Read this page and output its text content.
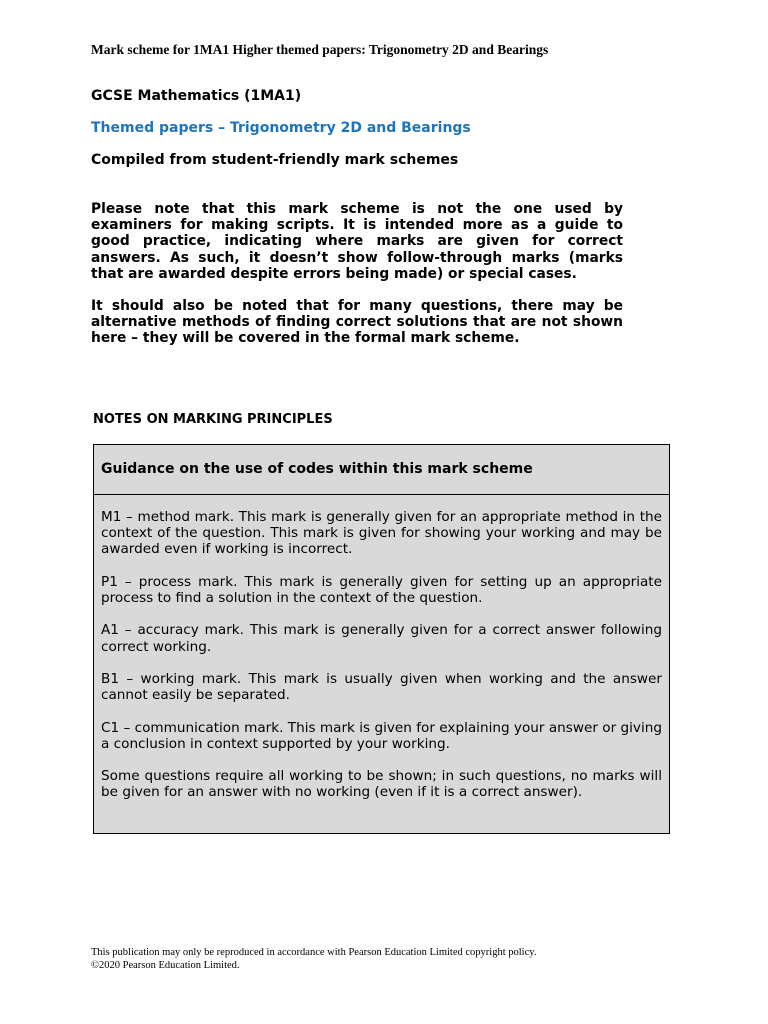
Mark scheme for 1MA1 Higher themed papers: Trigonometry 2D and Bearings
GCSE Mathematics (1MA1)
Themed papers – Trigonometry 2D and Bearings
Compiled from student-friendly mark schemes
Please note that this mark scheme is not the one used by examiners for making scripts. It is intended more as a guide to good practice, indicating where marks are given for correct answers. As such, it doesn’t show follow-through marks (marks that are awarded despite errors being made) or special cases.
It should also be noted that for many questions, there may be alternative methods of finding correct solutions that are not shown here – they will be covered in the formal mark scheme.
NOTES ON MARKING PRINCIPLES
Guidance on the use of codes within this mark scheme

M1 – method mark. This mark is generally given for an appropriate method in the context of the question. This mark is given for showing your working and may be awarded even if working is incorrect.

P1 – process mark. This mark is generally given for setting up an appropriate process to find a solution in the context of the question.

A1 – accuracy mark. This mark is generally given for a correct answer following correct working.

B1 – working mark. This mark is usually given when working and the answer cannot easily be separated.

C1 – communication mark. This mark is given for explaining your answer or giving a conclusion in context supported by your working.

Some questions require all working to be shown; in such questions, no marks will be given for an answer with no working (even if it is a correct answer).

This publication may only be reproduced in accordance with Pearson Education Limited copyright policy.
©2020 Pearson Education Limited.
